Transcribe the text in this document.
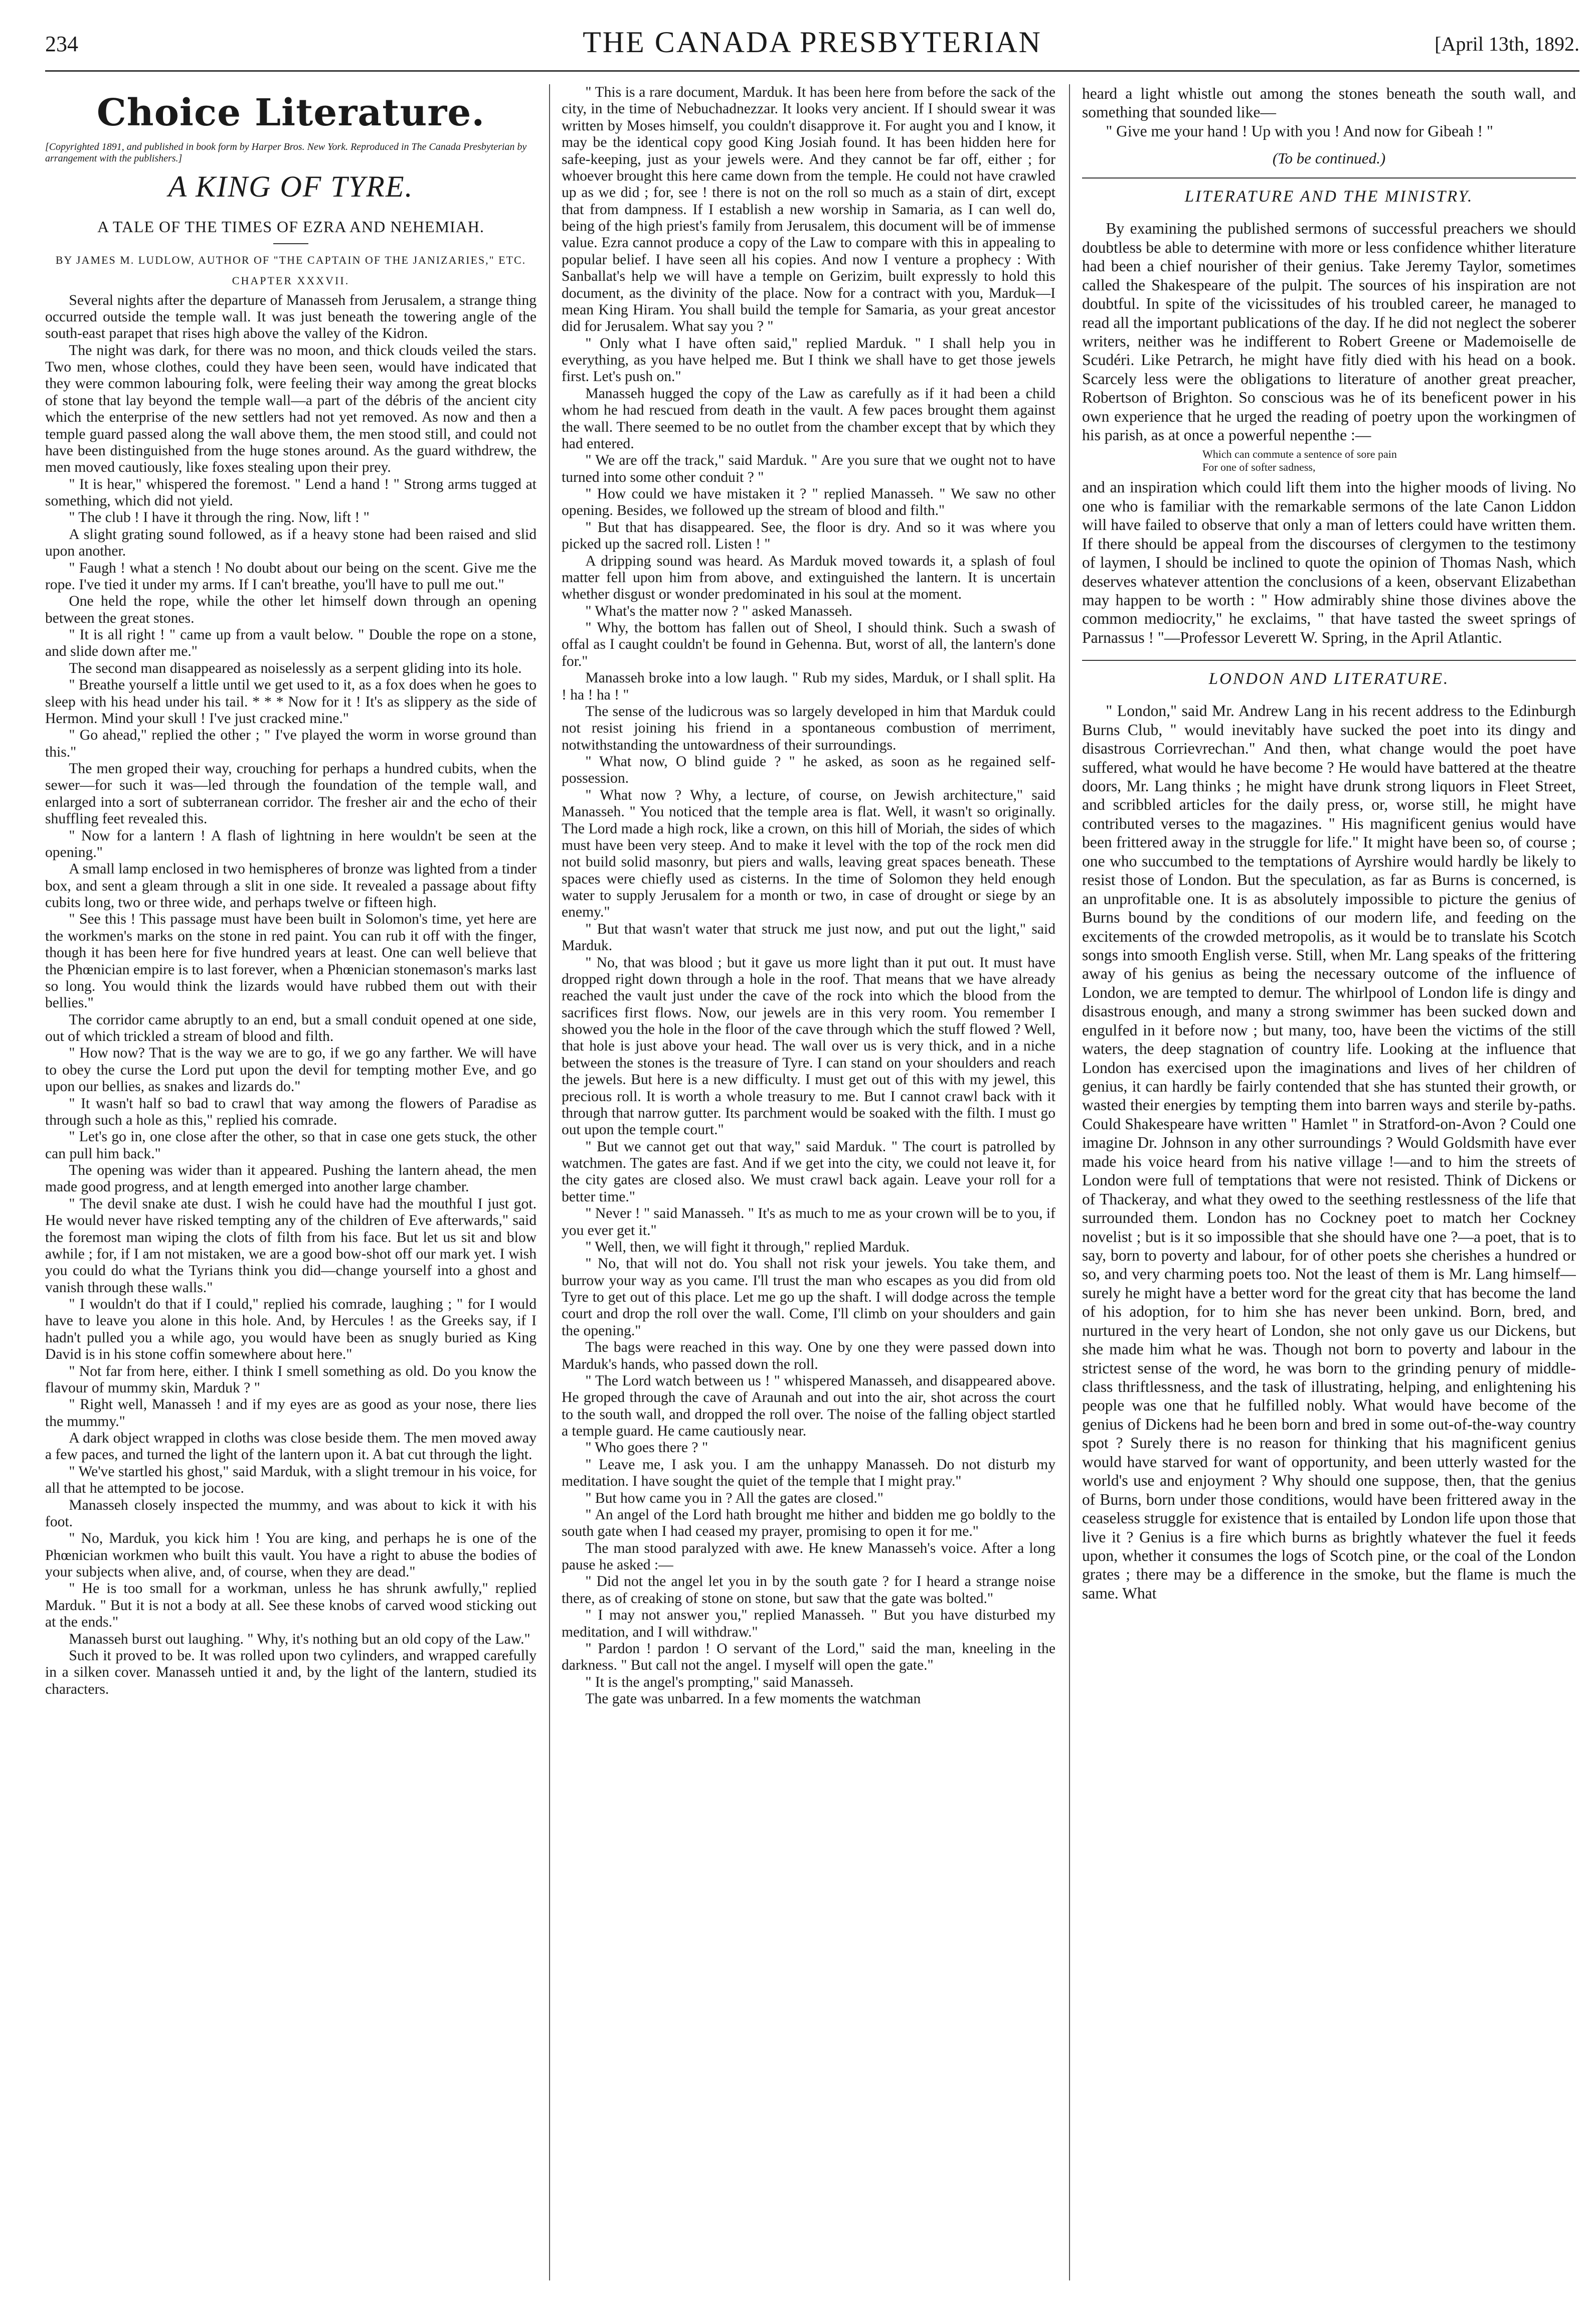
234	THE CANADA PRESBYTERIAN	[April 13th, 1892.
Choice Literature.
[Copyrighted 1891, and published in book form by Harper Bros. New York. Reproduced in The Canada Presbyterian by arrangement with the publishers.]
A KING OF TYRE.
A TALE OF THE TIMES OF EZRA AND NEHEMIAH.
BY JAMES M. LUDLOW, AUTHOR OF "THE CAPTAIN OF THE JANIZARIES," ETC.
CHAPTER XXXVII.

Several nights after the departure of Manasseh from Jerusalem, a strange thing occurred outside the temple wall. It was just beneath the towering angle of the south-east parapet that rises high above the valley of the Kidron.

The night was dark, for there was no moon, and thick clouds veiled the stars. Two men, whose clothes, could they have been seen, would have indicated that they were common labouring folk, were feeling their way among the great blocks of stone that lay beyond the temple wall—a part of the débris of the ancient city which the enterprise of the new settlers had not yet removed. As now and then a temple guard passed along the wall above them, the men stood still, and could not have been distinguished from the huge stones around. As the guard withdrew, the men moved cautiously, like foxes stealing upon their prey.

" It is hear," whispered the foremost. " Lend a hand ! " Strong arms tugged at something, which did not yield.

" The club ! I have it through the ring. Now, lift ! "

A slight grating sound followed, as if a heavy stone had been raised and slid upon another.

" Faugh ! what a stench ! No doubt about our being on the scent. Give me the rope. I've tied it under my arms. If I can't breathe, you'll have to pull me out."

One held the rope, while the other let himself down through an opening between the great stones.

" It is all right ! " came up from a vault below. " Double the rope on a stone, and slide down after me."

The second man disappeared as noiselessly as a serpent gliding into its hole.

" Breathe yourself a little until we get used to it, as a fox does when he goes to sleep with his head under his tail. * * * Now for it ! It's as slippery as the side of Hermon. Mind your skull ! I've just cracked mine."

" Go ahead," replied the other ; " I've played the worm in worse ground than this."

The men groped their way, crouching for perhaps a hundred cubits, when the sewer—for such it was—led through the foundation of the temple wall, and enlarged into a sort of subterranean corridor. The fresher air and the echo of their shuffling feet revealed this.

" Now for a lantern ! A flash of lightning in here wouldn't be seen at the opening."

A small lamp enclosed in two hemispheres of bronze was lighted from a tinder box, and sent a gleam through a slit in one side. It revealed a passage about fifty cubits long, two or three wide, and perhaps twelve or fifteen high.

" See this ! This passage must have been built in Solomon's time, yet here are the workmen's marks on the stone in red paint. You can rub it off with the finger, though it has been here for five hundred years at least. One can well believe that the Phœnician empire is to last forever, when a Phœnician stonemason's marks last so long. You would think the lizards would have rubbed them out with their bellies."

The corridor came abruptly to an end, but a small conduit opened at one side, out of which trickled a stream of blood and filth.

" How now? That is the way we are to go, if we go any farther. We will have to obey the curse the Lord put upon the devil for tempting mother Eve, and go upon our bellies, as snakes and lizards do."

" It wasn't half so bad to crawl that way among the flowers of Paradise as through such a hole as this," replied his comrade.

" Let's go in, one close after the other, so that in case one gets stuck, the other can pull him back."

The opening was wider than it appeared. Pushing the lantern ahead, the men made good progress, and at length emerged into another large chamber.

" The devil snake ate dust. I wish he could have had the mouthful I just got. He would never have risked tempting any of the children of Eve afterwards," said the foremost man wiping the clots of filth from his face. But let us sit and blow awhile ; for, if I am not mistaken, we are a good bow-shot off our mark yet. I wish you could do what the Tyrians think you did—change yourself into a ghost and vanish through these walls."

" I wouldn't do that if I could," replied his comrade, laughing ; " for I would have to leave you alone in this hole. And, by Hercules ! as the Greeks say, if I hadn't pulled you a while ago, you would have been as snugly buried as King David is in his stone coffin somewhere about here."

" Not far from here, either. I think I smell something as old. Do you know the flavour of mummy skin, Marduk ? "

" Right well, Manasseh ! and if my eyes are as good as your nose, there lies the mummy."

A dark object wrapped in cloths was close beside them. The men moved away a few paces, and turned the light of the lantern upon it. A bat cut through the light.

" We've startled his ghost," said Marduk, with a slight tremour in his voice, for all that he attempted to be jocose.

Manasseh closely inspected the mummy, and was about to kick it with his foot.

" No, Marduk, you kick him ! You are king, and perhaps he is one of the Phœnician workmen who built this vault. You have a right to abuse the bodies of your subjects when alive, and, of course, when they are dead."

" He is too small for a workman, unless he has shrunk awfully," replied Marduk. " But it is not a body at all. See these knobs of carved wood sticking out at the ends."

Manasseh burst out laughing. " Why, it's nothing but an old copy of the Law."

Such it proved to be. It was rolled upon two cylinders, and wrapped carefully in a silken cover. Manasseh untied it and, by the light of the lantern, studied its characters.

" This is a rare document, Marduk. It has been here from before the sack of the city, in the time of Nebuchadnezzar. It looks very ancient. If I should swear it was written by Moses himself, you couldn't disapprove it. For aught you and I know, it may be the identical copy good King Josiah found. It has been hidden here for safe-keeping, just as your jewels were. And they cannot be far off, either ; for whoever brought this here came down from the temple. He could not have crawled up as we did ; for, see ! there is not on the roll so much as a stain of dirt, except that from dampness. If I establish a new worship in Samaria, as I can well do, being of the high priest's family from Jerusalem, this document will be of immense value. Ezra cannot produce a copy of the Law to compare with this in appealing to popular belief. I have seen all his copies. And now I venture a prophecy : With Sanballat's help we will have a temple on Gerizim, built expressly to hold this document, as the divinity of the place. Now for a contract with you, Marduk—I mean King Hiram. You shall build the temple for Samaria, as your great ancestor did for Jerusalem. What say you ? "

" Only what I have often said," replied Marduk. " I shall help you in everything, as you have helped me. But I think we shall have to get those jewels first. Let's push on."

Manasseh hugged the copy of the Law as carefully as if it had been a child whom he had rescued from death in the vault. A few paces brought them against the wall. There seemed to be no outlet from the chamber except that by which they had entered.

" We are off the track," said Marduk. " Are you sure that we ought not to have turned into some other conduit ? "

" How could we have mistaken it ? " replied Manasseh. " We saw no other opening. Besides, we followed up the stream of blood and filth."

" But that has disappeared. See, the floor is dry. And so it was where you picked up the sacred roll. Listen ! "

A dripping sound was heard. As Marduk moved towards it, a splash of foul matter fell upon him from above, and extinguished the lantern. It is uncertain whether disgust or wonder predominated in his soul at the moment.

" What's the matter now ? " asked Manasseh.

" Why, the bottom has fallen out of Sheol, I should think. Such a swash of offal as I caught couldn't be found in Gehenna. But, worst of all, the lantern's done for."

Manasseh broke into a low laugh. " Rub my sides, Marduk, or I shall split. Ha ! ha ! ha ! "

The sense of the ludicrous was so largely developed in him that Marduk could not resist joining his friend in a spontaneous combustion of merriment, notwithstanding the untowardness of their surroundings.

" What now, O blind guide ? " he asked, as soon as he regained self-possession.

" What now ? Why, a lecture, of course, on Jewish architecture," said Manasseh. " You noticed that the temple area is flat. Well, it wasn't so originally. The Lord made a high rock, like a crown, on this hill of Moriah, the sides of which must have been very steep. And to make it level with the top of the rock men did not build solid masonry, but piers and walls, leaving great spaces beneath. These spaces were chiefly used as cisterns. In the time of Solomon they held enough water to supply Jerusalem for a month or two, in case of drought or siege by an enemy."

" But that wasn't water that struck me just now, and put out the light," said Marduk.

" No, that was blood ; but it gave us more light than it put out. It must have dropped right down through a hole in the roof. That means that we have already reached the vault just under the cave of the rock into which the blood from the sacrifices first flows. Now, our jewels are in this very room. You remember I showed you the hole in the floor of the cave through which the stuff flowed ? Well, that hole is just above your head. The wall over us is very thick, and in a niche between the stones is the treasure of Tyre. I can stand on your shoulders and reach the jewels. But here is a new difficulty. I must get out of this with my jewel, this precious roll. It is worth a whole treasury to me. But I cannot crawl back with it through that narrow gutter. Its parchment would be soaked with the filth. I must go out upon the temple court."

" But we cannot get out that way," said Marduk. " The court is patrolled by watchmen. The gates are fast. And if we get into the city, we could not leave it, for the city gates are closed also. We must crawl back again. Leave your roll for a better time."

" Never ! " said Manasseh. " It's as much to me as your crown will be to you, if you ever get it."

" Well, then, we will fight it through," replied Marduk.

" No, that will not do. You shall not risk your jewels. You take them, and burrow your way as you came. I'll trust the man who escapes as you did from old Tyre to get out of this place. Let me go up the shaft. I will dodge across the temple court and drop the roll over the wall. Come, I'll climb on your shoulders and gain the opening."

The bags were reached in this way. One by one they were passed down into Marduk's hands, who passed down the roll.

" The Lord watch between us ! " whispered Manasseh, and disappeared above. He groped through the cave of Araunah and out into the air, shot across the court to the south wall, and dropped the roll over. The noise of the falling object startled a temple guard. He came cautiously near.

" Who goes there ? "

" Leave me, I ask you. I am the unhappy Manasseh. Do not disturb my meditation. I have sought the quiet of the temple that I might pray."

" But how came you in ? All the gates are closed."

" An angel of the Lord hath brought me hither and bidden me go boldly to the south gate when I had ceased my prayer, promising to open it for me."

The man stood paralyzed with awe. He knew Manasseh's voice. After a long pause he asked :—

" Did not the angel let you in by the south gate ? for I heard a strange noise there, as of creaking of stone on stone, but saw that the gate was bolted."

" I may not answer you," replied Manasseh. " But you have disturbed my meditation, and I will withdraw."

" Pardon ! pardon ! O servant of the Lord," said the man, kneeling in the darkness. " But call not the angel. I myself will open the gate."

" It is the angel's prompting," said Manasseh.

The gate was unbarred. In a few moments the watchman

heard a light whistle out among the stones beneath the south wall, and something that sounded like—

" Give me your hand ! Up with you ! And now for Gibeah ! "

(To be continued.)
LITERATURE AND THE MINISTRY.

By examining the published sermons of successful preachers we should doubtless be able to determine with more or less confidence whither literature had been a chief nourisher of their genius. Take Jeremy Taylor, sometimes called the Shakespeare of the pulpit. The sources of his inspiration are not doubtful. In spite of the vicissitudes of his troubled career, he managed to read all the important publications of the day. If he did not neglect the soberer writers, neither was he indifferent to Robert Greene or Mademoiselle de Scudéri. Like Petrarch, he might have fitly died with his head on a book. Scarcely less were the obligations to literature of another great preacher, Robertson of Brighton. So conscious was he of its beneficent power in his own experience that he urged the reading of poetry upon the workingmen of his parish, as at once a powerful nepenthe :—

Which can commute a sentence of sore pain
For one of softer sadness,

and an inspiration which could lift them into the higher moods of living. No one who is familiar with the remarkable sermons of the late Canon Liddon will have failed to observe that only a man of letters could have written them. If there should be appeal from the discourses of clergymen to the testimony of laymen, I should be inclined to quote the opinion of Thomas Nash, which deserves whatever attention the conclusions of a keen, observant Elizabethan may happen to be worth : " How admirably shine those divines above the common mediocrity," he exclaims, " that have tasted the sweet springs of Parnassus ! "—Professor Leverett W. Spring, in the April Atlantic.

LONDON AND LITERATURE.

" London," said Mr. Andrew Lang in his recent address to the Edinburgh Burns Club, " would inevitably have sucked the poet into its dingy and disastrous Corrievrechan." And then, what change would the poet have suffered, what would he have become ? He would have battered at the theatre doors, Mr. Lang thinks ; he might have drunk strong liquors in Fleet Street, and scribbled articles for the daily press, or, worse still, he might have contributed verses to the magazines. " His magnificent genius would have been frittered away in the struggle for life." It might have been so, of course ; one who succumbed to the temptations of Ayrshire would hardly be likely to resist those of London. But the speculation, as far as Burns is concerned, is an unprofitable one. It is as absolutely impossible to picture the genius of Burns bound by the conditions of our modern life, and feeding on the excitements of the crowded metropolis, as it would be to translate his Scotch songs into smooth English verse. Still, when Mr. Lang speaks of the frittering away of his genius as being the necessary outcome of the influence of London, we are tempted to demur. The whirlpool of London life is dingy and disastrous enough, and many a strong swimmer has been sucked down and engulfed in it before now ; but many, too, have been the victims of the still waters, the deep stagnation of country life. Looking at the influence that London has exercised upon the imaginations and lives of her children of genius, it can hardly be fairly contended that she has stunted their growth, or wasted their energies by tempting them into barren ways and sterile by-paths. Could Shakespeare have written " Hamlet " in Stratford-on-Avon ? Could one imagine Dr. Johnson in any other surroundings ? Would Goldsmith have ever made his voice heard from his native village !—and to him the streets of London were full of temptations that were not resisted. Think of Dickens or of Thackeray, and what they owed to the seething restlessness of the life that surrounded them. London has no Cockney poet to match her Cockney novelist ; but is it so impossible that she should have one ?—a poet, that is to say, born to poverty and labour, for of other poets she cherishes a hundred or so, and very charming poets too. Not the least of them is Mr. Lang himself—surely he might have a better word for the great city that has become the land of his adoption, for to him she has never been unkind. Born, bred, and nurtured in the very heart of London, she not only gave us our Dickens, but she made him what he was. Though not born to poverty and labour in the strictest sense of the word, he was born to the grinding penury of middle-class thriftlessness, and the task of illustrating, helping, and enlightening his people was one that he fulfilled nobly. What would have become of the genius of Dickens had he been born and bred in some out-of-the-way country spot ? Surely there is no reason for thinking that his magnificent genius would have starved for want of opportunity, and been utterly wasted for the world's use and enjoyment ? Why should one suppose, then, that the genius of Burns, born under those conditions, would have been frittered away in the ceaseless struggle for existence that is entailed by London life upon those that live it ? Genius is a fire which burns as brightly whatever the fuel it feeds upon, whether it consumes the logs of Scotch pine, or the coal of the London grates ; there may be a difference in the smoke, but the flame is much the same. What
